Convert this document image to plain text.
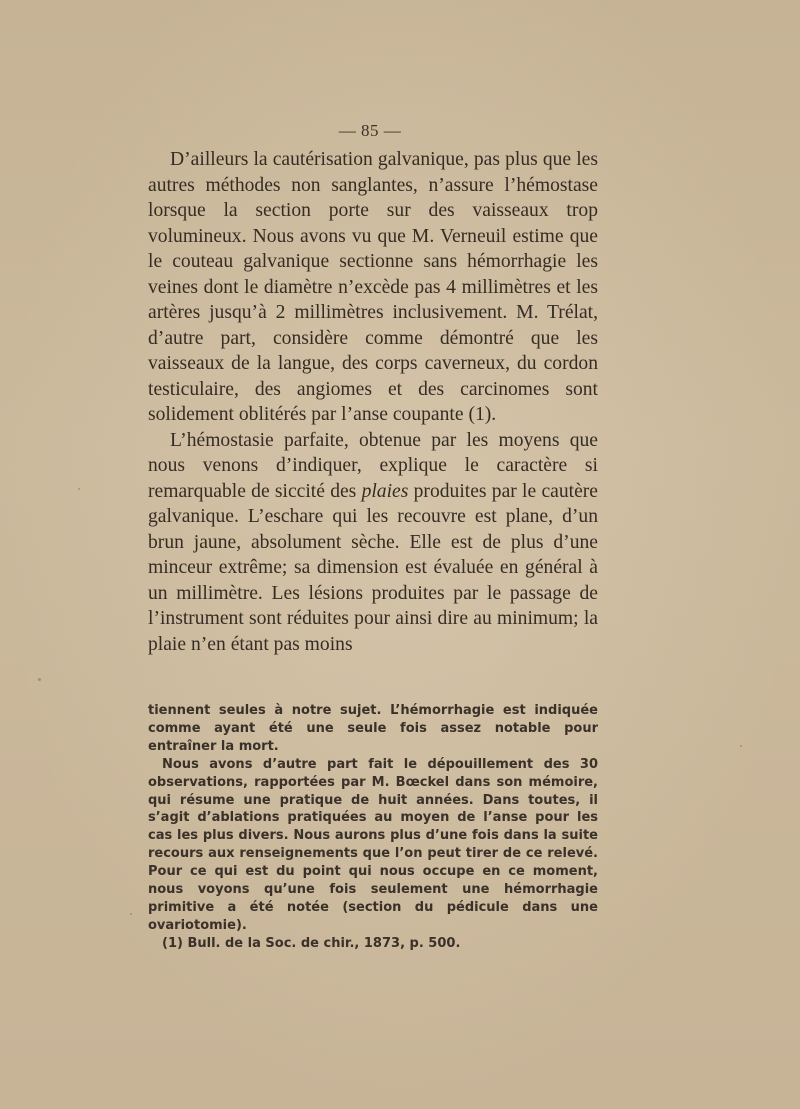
— 85 —

D’ailleurs la cautérisation galvanique, pas plus que les autres méthodes non sanglantes, n’assure l’hémostase lorsque la section porte sur des vaisseaux trop volumineux. Nous avons vu que M. Verneuil estime que le couteau galvanique sectionne sans hémorrhagie les veines dont le diamètre n’excède pas 4 millimètres et les artères jusqu’à 2 millimètres inclusivement. M. Trélat, d’autre part, considère comme démontré que les vaisseaux de la langue, des corps caverneux, du cordon testiculaire, des angiomes et des carcinomes sont solidement oblitérés par l’anse coupante (1).

L’hémostasie parfaite, obtenue par les moyens que nous venons d’indiquer, explique le caractère si remarquable de siccité des plaies produites par le cautère galvanique. L’eschare qui les recouvre est plane, d’un brun jaune, absolument sèche. Elle est de plus d’une minceur extrême; sa dimension est évaluée en général à un millimètre. Les lésions produites par le passage de l’instrument sont réduites pour ainsi dire au minimum; la plaie n’en étant pas moins

tiennent seules à notre sujet. L’hémorrhagie est indiquée comme ayant été une seule fois assez notable pour entraîner la mort.

Nous avons d’autre part fait le dépouillement des 30 observations, rapportées par M. Bœckel dans son mémoire, qui résume une pratique de huit années. Dans toutes, il s’agit d’ablations pratiquées au moyen de l’anse pour les cas les plus divers. Nous aurons plus d’une fois dans la suite recours aux renseignements que l’on peut tirer de ce relevé. Pour ce qui est du point qui nous occupe en ce moment, nous voyons qu’une fois seulement une hémorrhagie primitive a été notée (section du pédicule dans une ovariotomie).

(1) Bull. de la Soc. de chir., 1873, p. 500.
